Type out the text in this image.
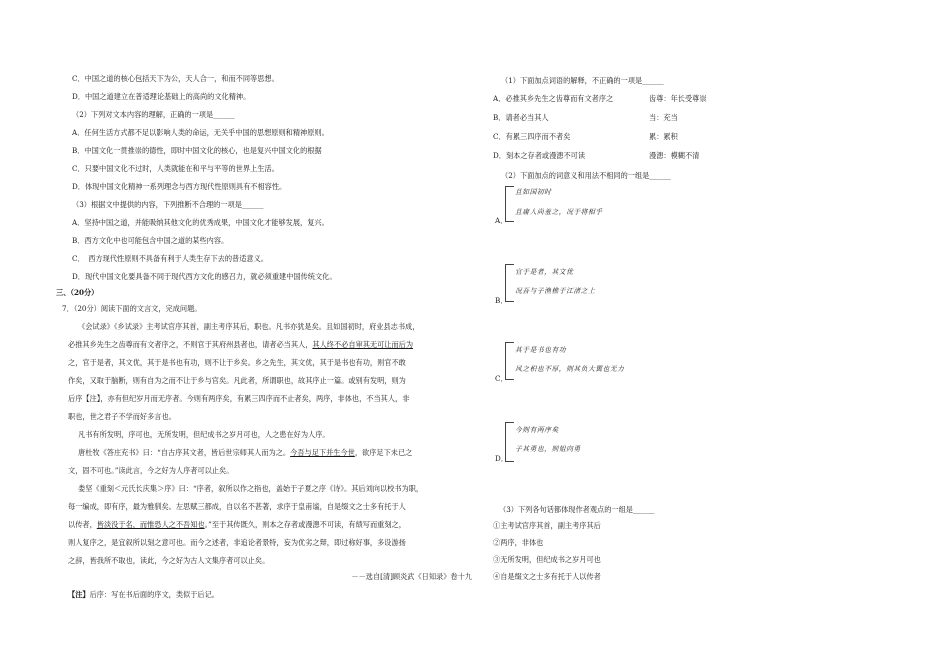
C．中国之道的核心包括天下为公，天人合一，和而不同等思想。
D．中国之道建立在普适理论基础上的高尚的文化精神。
（2）下列对文本内容的理解，正确的一项是______
A．任何生活方式都不足以影响人类的命运，无关乎中国的思想原则和精神原则。
B．中国文化一贯推崇的德性，即时中国文化的核心，也是复兴中国文化的根据
C．只要中国文化不过时，人类就能在和平与平等的世界上生活。
D．体现中国文化精神一系列理念与西方现代性原则具有不相容性。
（3）根据文中提供的内容，下列推断不合理的一项是______
A．坚持中国之道，并能吸纳其他文化的优秀成果，中国文化才能够发展，复兴。
B．西方文化中也可能包含中国之道的某些内容。
C．　西方现代性原则不具备有利于人类生存下去的普适意义。
D．现代中国文化要具备不同于现代西方文化的感召力，就必须重建中国传统文化。
三、（20分）
7．（20分）阅读下面的文言文，完成问题。
《会试录》《乡试录》主考试官序其首，副主考序其后，职也。凡书亦犹是矣。且如国初时，府业县志书成，
必推其乡先生之齿尊而有文者序之，不则官于其府州县者也，请者必当其人，其人终不必自审其无可让而后为
之，官于是者，其文优，其于是书也有功，则不让于乡矣。乡之先生，其文优，其于是书也有功，则官不敢
作矣，又取于脑断，则有自为之而不让于乡与官矣。凡此者，所谓职也，故其序止一篇。或别有发明，则为
后序【注】，亦有但纪岁月而无序者。今则有两序矣，有累三四序而不止者矣，两序，非体也，不当其人，非
职也，世之君子不学而好多言也。
凡书有所发明，序可也，无所发明，但纪成书之岁月可也，人之患在好为人序。
唐杜牧《答庄充书》曰：“自古序其文者，皆后世宗师其人而为之。今吾与足下并生今世，欲序足下未已之
文，固不可也。”读此言，今之好为人序者可以止矣。
娄坚《重刻＜元氏长庆集＞序》曰：“序者，叙所以作之指也，盖始于子夏之序《诗》。其后刘向以校书为职，
每一编成，即有序，最为雅驯矣。左思赋三都成，自以名不甚著，求序于皇甫谧，自是缀文之士多有托于人
以传者，皆淡没于名，而惟恐人之不吾知也。”至于其传既久，则本之存者或漫漶不可读，有绩写而重刻之，
则人复序之，是宜叙所以刻之意可也。而今之述者，非追论者景特，妄为优劣之辩，即过称好事，多设游扬
之辞，皆我所不取也，读此，今之好为古人文集序者可以止矣。
－－选自[清]顾炎武《日知录》卷十九
【注】后序：写在书后面的序文，类似于后记。
（1）下面加点词语的解释，不正确的一项是______
A．必推其乡先生之齿尊而有文者序之	齿尊：年长受尊崇
B．请者必当其人	当：充当
C．有累三四序而不者矣	累：累积
D．刻本之存者或漫漶不可读	漫漶：模糊不清
（2）下面加点的词意义和用法不相同的一组是______
且如国初时
且庸人尚羞之，况于将相乎
A．
官于是者，其文优
况吾与子渔樵于江渚之上
B．
其于是书也有功
风之积也不厚，则其负大翼也无力
C．
今则有两序矣
子其勇也，则姐向勇
D．
（3）下列各句话都体现作者观点的一组是______
①主考试官序其首，副主考序其后
②两序，非体也
③无所发明，但纪成书之岁月可也
④自是缀文之士多有托于人以传者
